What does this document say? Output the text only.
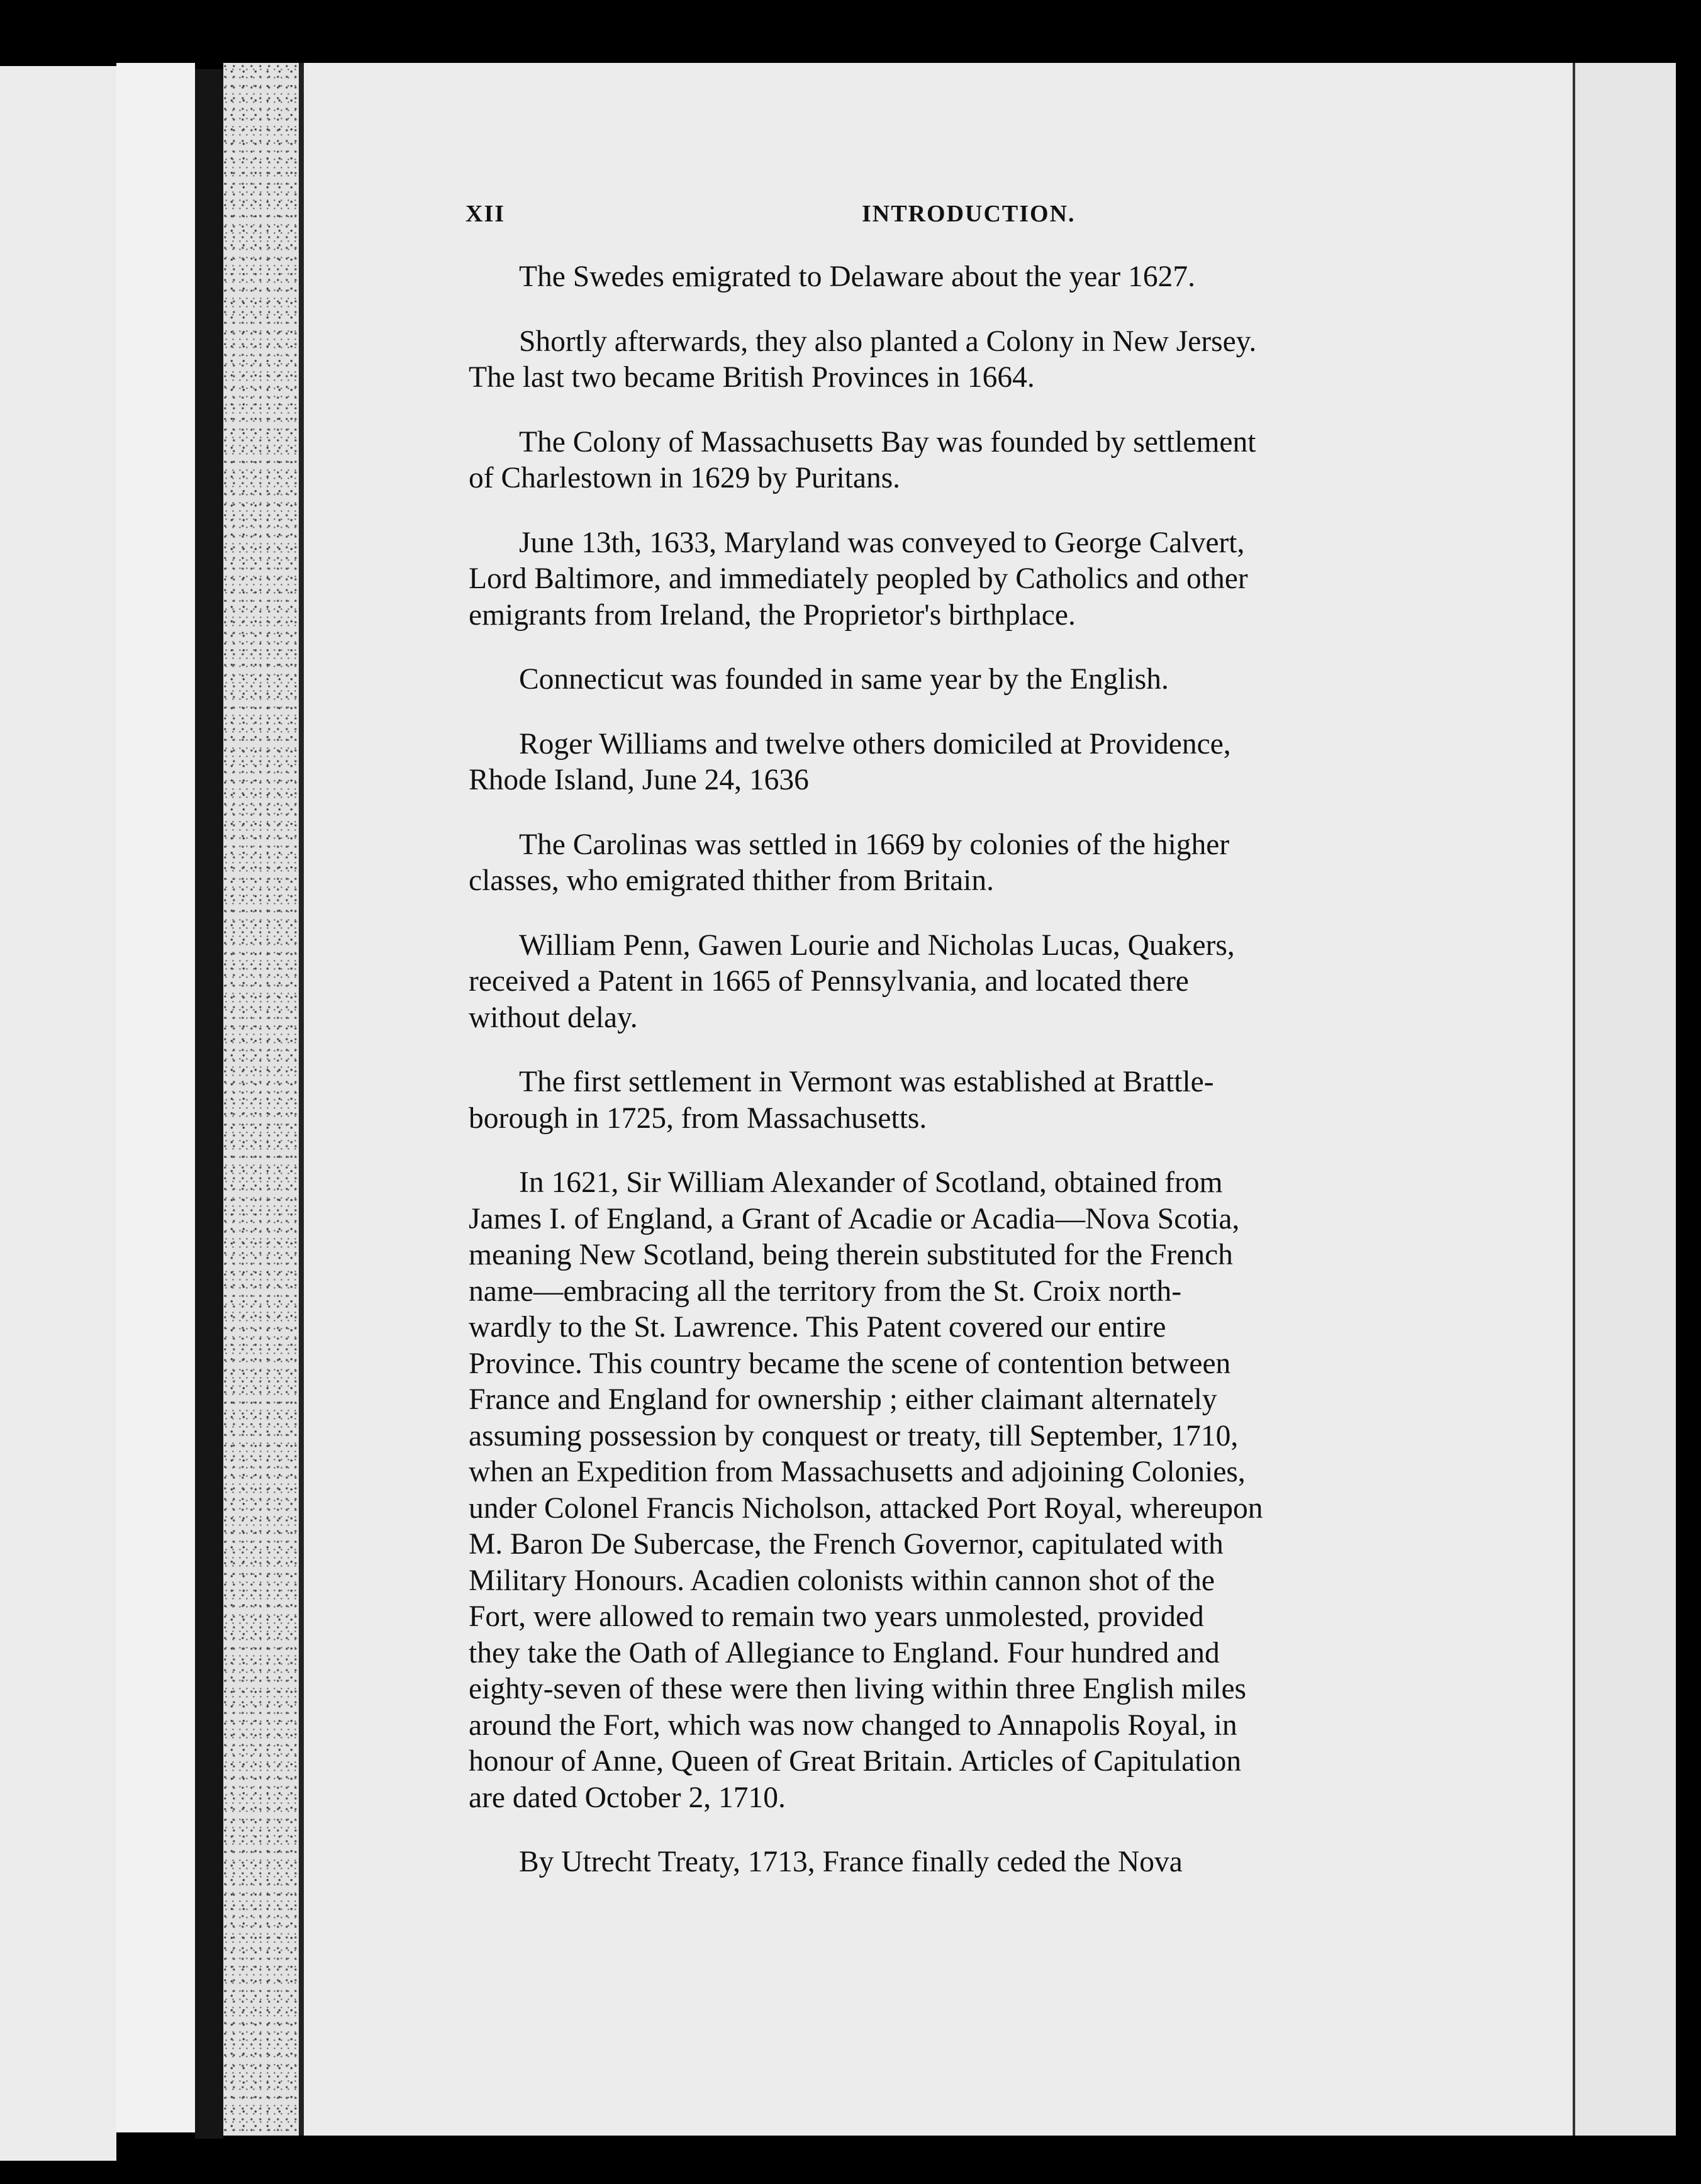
XII	INTRODUCTION.

The Swedes emigrated to Delaware about the year 1627.

Shortly afterwards, they also planted a Colony in New Jersey.
The last two became British Provinces in 1664.

The Colony of Massachusetts Bay was founded by settlement
of Charlestown in 1629 by Puritans.

June 13th, 1633, Maryland was conveyed to George Calvert,
Lord Baltimore, and immediately peopled by Catholics and other
emigrants from Ireland, the Proprietor's birthplace.

Connecticut was founded in same year by the English.

Roger Williams and twelve others domiciled at Providence,
Rhode Island, June 24, 1636

The Carolinas was settled in 1669 by colonies of the higher
classes, who emigrated thither from Britain.

William Penn, Gawen Lourie and Nicholas Lucas, Quakers,
received a Patent in 1665 of Pennsylvania, and located there
without delay.

The first settlement in Vermont was established at Brattle-
borough in 1725, from Massachusetts.

In 1621, Sir William Alexander of Scotland, obtained from
James I. of England, a Grant of Acadie or Acadia—Nova Scotia,
meaning New Scotland, being therein substituted for the French
name—embracing all the territory from the St. Croix north-
wardly to the St. Lawrence. This Patent covered our entire
Province. This country became the scene of contention between
France and England for ownership ; either claimant alternately
assuming possession by conquest or treaty, till September, 1710,
when an Expedition from Massachusetts and adjoining Colonies,
under Colonel Francis Nicholson, attacked Port Royal, whereupon
M. Baron De Subercase, the French Governor, capitulated with
Military Honours. Acadien colonists within cannon shot of the
Fort, were allowed to remain two years unmolested, provided
they take the Oath of Allegiance to England. Four hundred and
eighty-seven of these were then living within three English miles
around the Fort, which was now changed to Annapolis Royal, in
honour of Anne, Queen of Great Britain. Articles of Capitulation
are dated October 2, 1710.

By Utrecht Treaty, 1713, France finally ceded the Nova
